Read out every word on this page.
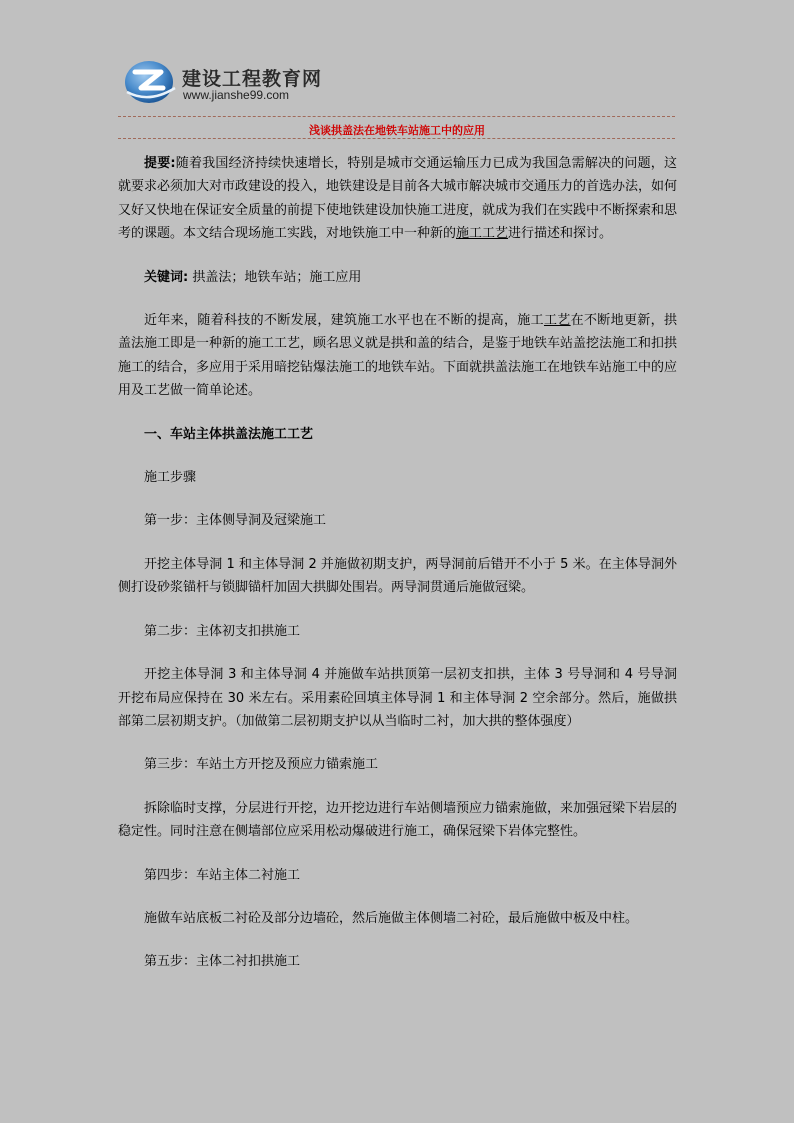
建设工程教育网
www.jianshe99.com
浅谈拱盖法在地铁车站施工中的应用

提要:随着我国经济持续快速增长，特别是城市交通运输压力已成为我国急需解决的问题，这就要求必须加大对市政建设的投入，地铁建设是目前各大城市解决城市交通压力的首选办法，如何又好又快地在保证安全质量的前提下使地铁建设加快施工进度，就成为我们在实践中不断探索和思考的课题。本文结合现场施工实践，对地铁施工中一种新的施工工艺进行描述和探讨。

关键词: 拱盖法；地铁车站；施工应用

近年来，随着科技的不断发展，建筑施工水平也在不断的提高，施工工艺在不断地更新，拱盖法施工即是一种新的施工工艺，顾名思义就是拱和盖的结合，是鉴于地铁车站盖挖法施工和扣拱施工的结合，多应用于采用暗挖钻爆法施工的地铁车站。下面就拱盖法施工在地铁车站施工中的应用及工艺做一简单论述。

一、车站主体拱盖法施工工艺

施工步骤

第一步：主体侧导洞及冠梁施工

开挖主体导洞 1 和主体导洞 2 并施做初期支护，两导洞前后错开不小于 5 米。在主体导洞外侧打设砂浆锚杆与锁脚锚杆加固大拱脚处围岩。两导洞贯通后施做冠梁。

第二步：主体初支扣拱施工

开挖主体导洞 3 和主体导洞 4 并施做车站拱顶第一层初支扣拱，主体 3 号导洞和 4 号导洞开挖布局应保持在 30 米左右。采用素砼回填主体导洞 1 和主体导洞 2 空余部分。然后，施做拱部第二层初期支护。（加做第二层初期支护以从当临时二衬，加大拱的整体强度）

第三步：车站土方开挖及预应力锚索施工

拆除临时支撑，分层进行开挖，边开挖边进行车站侧墙预应力锚索施做，来加强冠梁下岩层的稳定性。同时注意在侧墙部位应采用松动爆破进行施工，确保冠梁下岩体完整性。

第四步：车站主体二衬施工

施做车站底板二衬砼及部分边墙砼，然后施做主体侧墙二衬砼，最后施做中板及中柱。

第五步：主体二衬扣拱施工
